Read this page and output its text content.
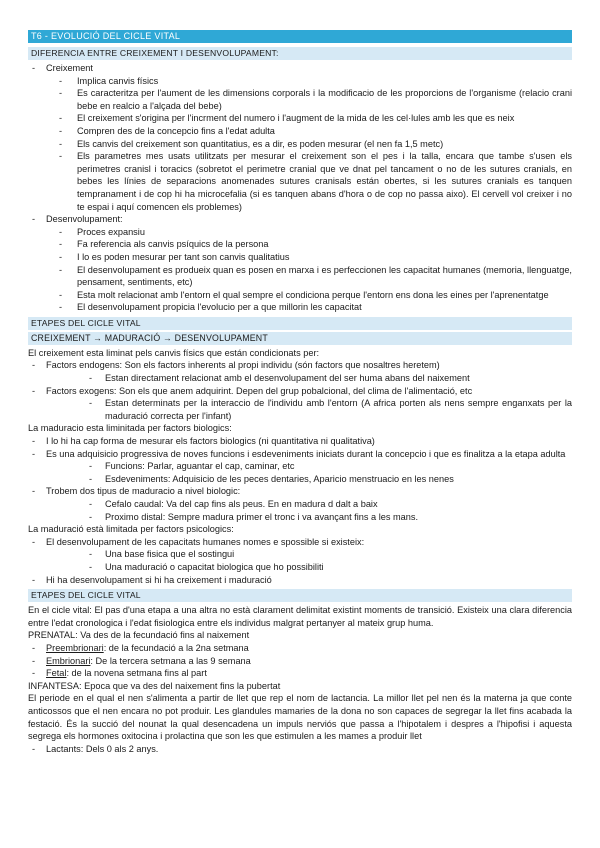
T6 - EVOLUCIÓ DEL CICLE VITAL
DIFERENCIA ENTRE CREIXEMENT I DESENVOLUPAMENT:
- Creixement
- Implica canvis físics
- Es caracteritza per l'aument de les dimensions corporals i la modificacio de les proporcions de l'organisme (relacio crani bebe en realcio a l'alçada del bebe)
- El creixement s'origina per l'incrment del numero i l'augment de la mida de les cel·lules amb les que es neix
- Compren des de la concepcio fins a l'edat adulta
- Els canvis del creixement son quantitatius, es a dir, es poden mesurar (el nen fa 1,5 metc)
- Els parametres mes usats utilitzats per mesurar el creixement son el pes i la talla, encara que tambe s'usen els perimetres cranisl i toracics (sobretot el perimetre cranial que ve dnat pel tancament o no de les sutures cranials, en bebes les línies de separacions anomenades sutures cranisals están obertes, si les sutures cranials es tanquen tempranament i de cop hi ha microcefalia (si es tanquen abans d'hora o de cop no passa aixo). El cervell vol creixer i no te espai i aquí comencen els problemes)
- Desenvolupament:
- Proces expansiu
- Fa referencia als canvis psíquics de la persona
- I lo es poden mesurar per tant son canvis qualitatius
- El desenvolupament es produeix quan es posen en marxa i es perfeccionen les capacitat humanes (memoria, llenguatge, pensament, sentiments, etc)
- Esta molt relacionat amb l'entorn el qual sempre el condiciona perque l'entorn ens dona les eines per l'aprenentatge
- El desenvolupament propicia l'evolucio per a que millorin les capacitat
ETAPES DEL CICLE VITAL
CREIXEMENT → MADURACIÓ → DESENVOLUPAMENT

El creixement esta liminat pels canvis físics que están condicionats per:

- Factors endogens: Son els factors inherents al propi individu (són factors que nosaltres heretem)
- Estan directament relacionat amb el desenvolupament del ser huma abans del naixement
- Factors exogens: Son els que anem adquirint. Depen del grup pobalcional, del clima de l'alimentació, etc
- Estan determinats per la interaccio de l'individu amb l'entorn (A africa porten als nens sempre enganxats per la maduració correcta per l'infant)

La maduracio esta liminitada per factors biologics:

- I lo hi ha cap forma de mesurar els factors biologics (ni quantitativa ni qualitativa)
- Es una adquisicio progressiva de noves funcions i esdeveniments iniciats durant la concepcio i que es finalitza a la etapa adulta
- Funcions: Parlar, aguantar el cap, caminar, etc
- Esdeveniments: Adquisicio de les peces dentaries, Aparicio menstruacio en les nenes
- Trobem dos tipus de maduracio a nivel biologic:
- Cefalo caudal: Va del cap fins als peus. En en madura d dalt a baix
- Proximo distal: Sempre madura primer el tronc i va avançant fins a les mans.

La maduració està limitada per factors psicologics:

- El desenvolupament de les capacitats humanes nomes e spossible si existeix:
- Una base fisica que el sostingui
- Una maduració o capacitat biologica que ho possibiliti
- Hi ha desenvolupament si hi ha creixement i maduració
ETAPES DEL CICLE VITAL

En el cicle vital: El pas d'una etapa a una altra no està clarament delimitat existint moments de transició. Existeix una clara diferencia entre l'edat cronologica i l'edat fisiologica entre els individus malgrat pertanyer al mateix grup huma.

PRENATAL: Va des de la fecundació fins al naixement

- Preembrionari: de la fecundació a la 2na setmana
- Embrionari: De la tercera setmana a las 9 semana
- Fetal: de la novena setmana fins al part

INFANTESA: Epoca que va des del naixement fins la pubertat

El periode en el qual el nen s'alimenta a partir de llet que rep el nom de lactancia. La millor llet pel nen és la materna ja que conte anticossos que el nen encara no pot produir. Les glandules mamaries de la dona no son capaces de segregar la llet fins acabada la festació. És la succió del nounat la qual desencadena un impuls nerviós que passa a l'hipotalem i despres a l'hipofisi i aquesta segrega els hormones oxitocina i prolactina que son les que estimulen a les mames a produir llet

- Lactants: Dels 0 als 2 anys.
